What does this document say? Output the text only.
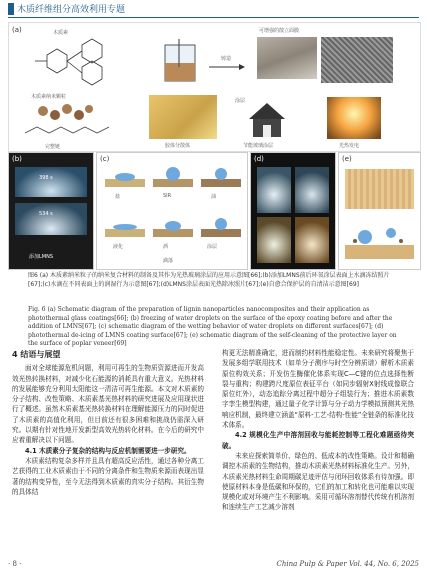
木质纤维组分高效利用专题
(a)	木质素
木质素纳米颗粒
完整链
铸造
胶体分散体
可增强的散立面膜
涂层
节能玻璃涂层	光热发电
(b)
398 s
534 s
添加LMNS
(c)
盐	SIR	油
液化	酒	涂层
滴落
(d)	(e)
图6 (a) 木质素纳米粒子的纳米复合材料的制备及其作为光热玻璃涂层的应用示意图[66];(b)添加LMNS前后环氧涂层表面上水滴冻结照片[67];(c)水滴在不同表面上的润湿行为示意图[67];(d)LMNS涂层表面光热除冰照片[67];(e)自愈合保护层的自清洁示意图[69]
Fig. 6 (a) Schematic diagram of the preparation of lignin nanoparticles nanocomposites and their application as photothermal glass coatings[66]; (b) freezing of water droplets on the surface of the epoxy coating before and after the addition of LMNS[67]; (c) schematic diagram of the wetting behavior of water droplets on different surfaces[67]; (d) photothermal de-icing of LMNS coating surface[67]; (e) schematic diagram of the self-cleaning of the protective layer on the surface of poplar veneer[69]
4 结语与展望

面对全球能源危机问题，利用可再生的生物质资源进而开发高效光热转换材料，对减少化石能源的消耗具有重大意义。光热材料的发展能够充分利用太阳能这一清洁可再生能源。本文对木质素的分子结构、改性策略、木质素基光热材料的研究进展及应用现状进行了概述。虽然木质素基光热转换材料在理解能源压力的同时促进了木质素的高值化利用，但目前还有很多困难和挑战仍需深入研究。以期有针对性地开发新型高效光热转化材料。在今后的研究中应着重解决以下问题。

4.1 木质素分子复杂的结构与反应机制需要进一步研究。

木质素结构复杂多样并且具有超高反应活性，通过各种分离工艺获得的工业木质素由于不同的分离条件和生物质来源而表现出显著的结构变异性，至今无法得到木质素的真实分子结构。其衍生物的具体结

构更无法精准确定，进而制约材料性能稳定性。未来研究将聚焦于发展多组学联用技术（如单分子测序与时空分辨质谱）解析木质素原位构效关系；开发仿生酶催化体系实现C—C键的位点选择性断裂与重构；构建跨尺度原位表征平台（如同步辐射X射线成像联合原位红外），动态追踪分离过程中超分子组装行为；推进木质素数字孪生模型构建，通过量子化学计算与分子动力学模拟预测其光热响应机制，最终建立涵盖“原料-工艺-结构-性能”全链条的标准化技术体系。

4.2 规模化生产中溶剂回收与能耗控制等工程化难题亟待突破。

未来应探索简单价、绿色的、低成本的改性策略。设计和精确调控木质素的生物结构，推动木质素光热材料标准化生产。另外，木质素光热材料生命周期碳足迹评估与闭环回收体系有待加强。即使原材料本身是低碳和环保的，它们的加工和转化也可能难以实现规模化或对环境产生不利影响。采用可循环溶剂替代传统有机溶剂和连续生产工艺减少溶剂

· 8 ·	China Pulp & Paper Vol. 44, No. 6, 2025
